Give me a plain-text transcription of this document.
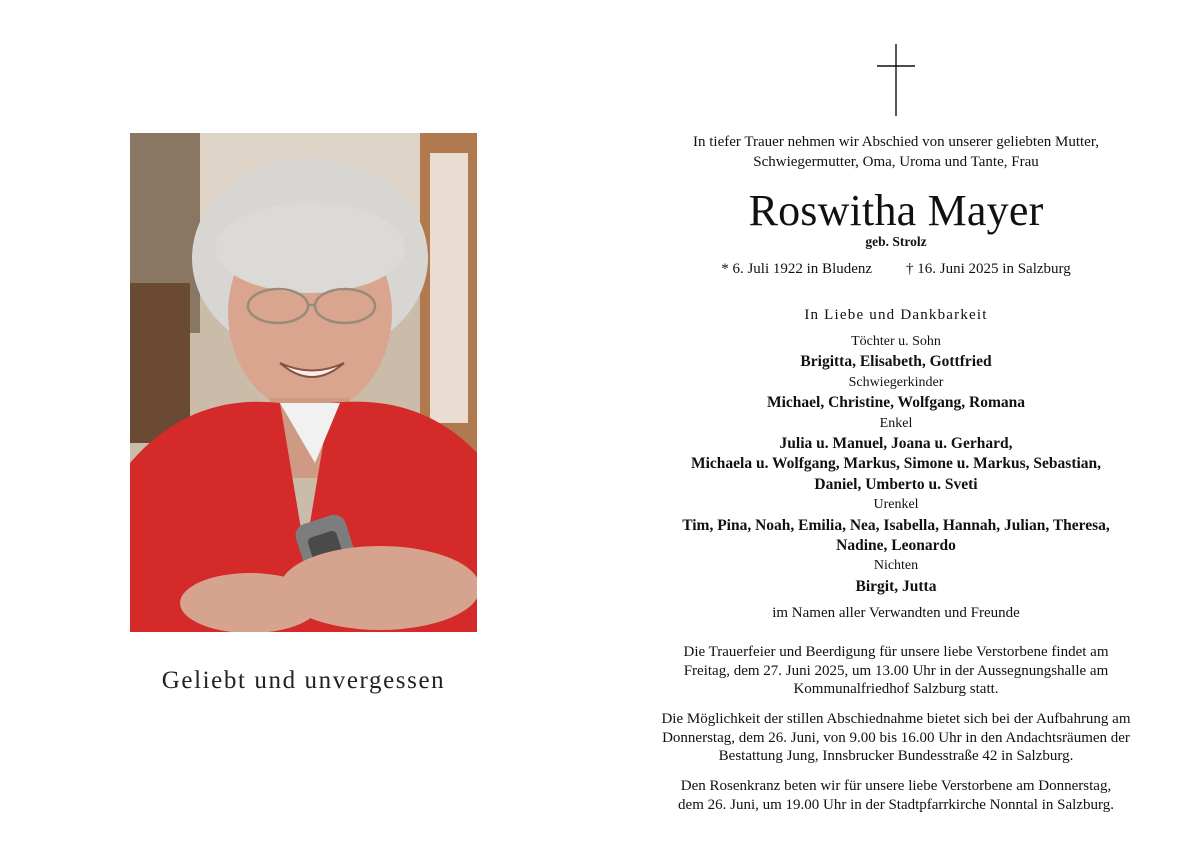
Geliebt und unvergessen
In tiefer Trauer nehmen wir Abschied von unserer geliebten Mutter,
Schwiegermutter, Oma, Uroma und Tante, Frau
Roswitha Mayer
geb. Strolz
* 6. Juli 1922 in Bludenz † 16. Juni 2025 in Salzburg
In Liebe und Dankbarkeit
Töchter u. Sohn
Brigitta, Elisabeth, Gottfried
Schwiegerkinder
Michael, Christine, Wolfgang, Romana
Enkel
Julia u. Manuel, Joana u. Gerhard,
Michaela u. Wolfgang, Markus, Simone u. Markus, Sebastian,
Daniel, Umberto u. Sveti
Urenkel
Tim, Pina, Noah, Emilia, Nea, Isabella, Hannah, Julian, Theresa,
Nadine, Leonardo
Nichten
Birgit, Jutta
im Namen aller Verwandten und Freunde
Die Trauerfeier und Beerdigung für unsere liebe Verstorbene findet am
Freitag, dem 27. Juni 2025, um 13.00 Uhr in der Aussegnungshalle am
Kommunalfriedhof Salzburg statt.
Die Möglichkeit der stillen Abschiednahme bietet sich bei der Aufbahrung am
Donnerstag, dem 26. Juni, von 9.00 bis 16.00 Uhr in den Andachtsräumen der
Bestattung Jung, Innsbrucker Bundesstraße 42 in Salzburg.
Den Rosenkranz beten wir für unsere liebe Verstorbene am Donnerstag,
dem 26. Juni, um 19.00 Uhr in der Stadtpfarrkirche Nonntal in Salzburg.
